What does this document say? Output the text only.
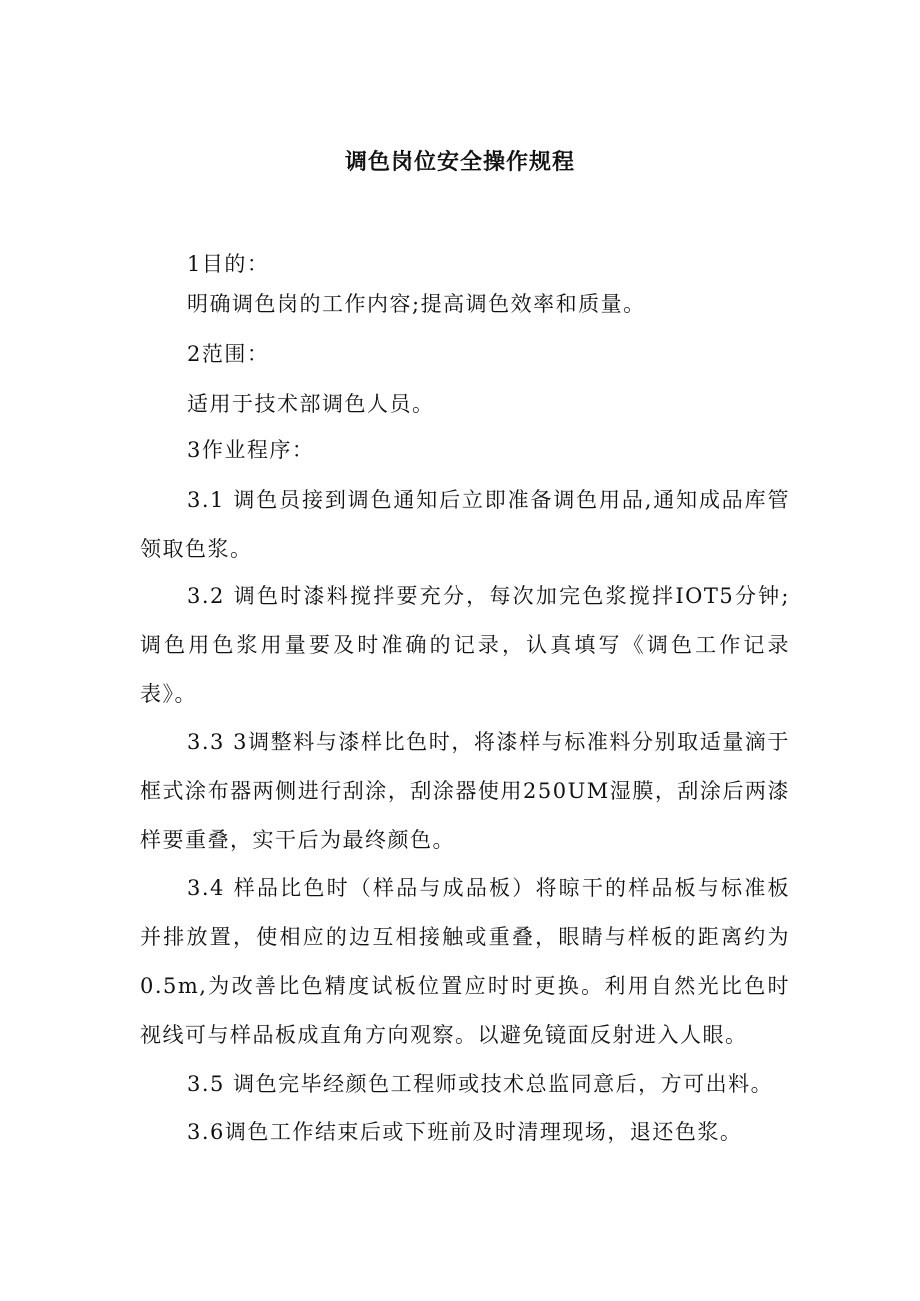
调色岗位安全操作规程
1目的：
明确调色岗的工作内容;提高调色效率和质量。
2范围：
适用于技术部调色人员。
3作业程序：
3.1 调色员接到调色通知后立即准备调色用品,通知成品库管领取色浆。
3.2 调色时漆料搅拌要充分，每次加完色浆搅拌IOT5分钟;调色用色浆用量要及时准确的记录，认真填写《调色工作记录表》。
3.3 3调整料与漆样比色时，将漆样与标准料分别取适量滴于框式涂布器两侧进行刮涂，刮涂器使用250UM湿膜，刮涂后两漆样要重叠，实干后为最终颜色。
3.4 样品比色时（样品与成品板）将晾干的样品板与标准板并排放置，使相应的边互相接触或重叠，眼睛与样板的距离约为0.5m,为改善比色精度试板位置应时时更换。利用自然光比色时视线可与样品板成直角方向观察。以避免镜面反射进入人眼。
3.5 调色完毕经颜色工程师或技术总监同意后，方可出料。
3.6调色工作结束后或下班前及时清理现场，退还色浆。
